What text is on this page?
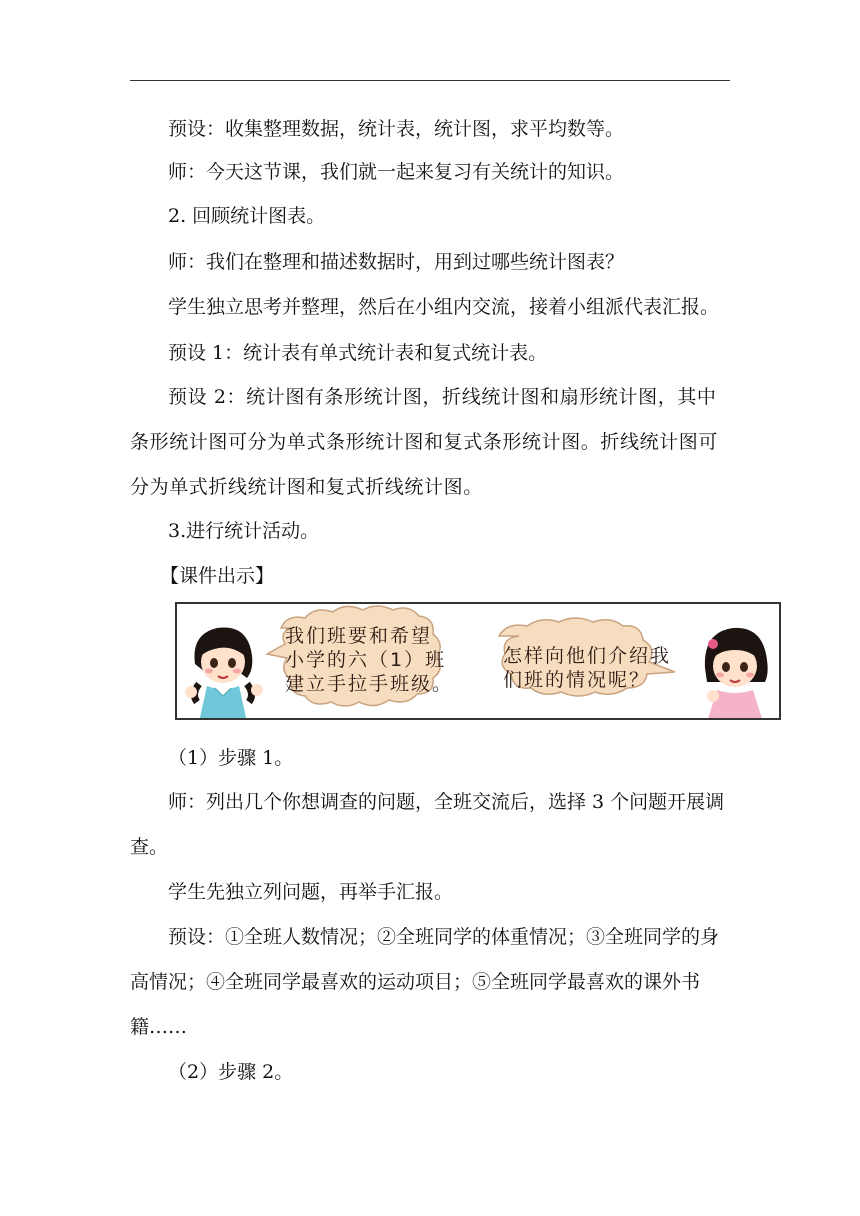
预设：收集整理数据，统计表，统计图，求平均数等。

师：今天这节课，我们就一起来复习有关统计的知识。

2. 回顾统计图表。

师：我们在整理和描述数据时，用到过哪些统计图表？

学生独立思考并整理，然后在小组内交流，接着小组派代表汇报。

预设 1：统计表有单式统计表和复式统计表。

预设 2：统计图有条形统计图，折线统计图和扇形统计图，其中条形统计图可分为单式条形统计图和复式条形统计图。折线统计图可分为单式折线统计图和复式折线统计图。

3.进行统计活动。

【课件出示】

我们班要和希望
小学的六（1）班
建立手拉手班级。
怎样向他们介绍我
们班的情况呢？

（1）步骤 1。

师：列出几个你想调查的问题，全班交流后，选择 3 个问题开展调查。

学生先独立列问题，再举手汇报。

预设：①全班人数情况；②全班同学的体重情况；③全班同学的身高情况；④全班同学最喜欢的运动项目；⑤全班同学最喜欢的课外书籍……

（2）步骤 2。
